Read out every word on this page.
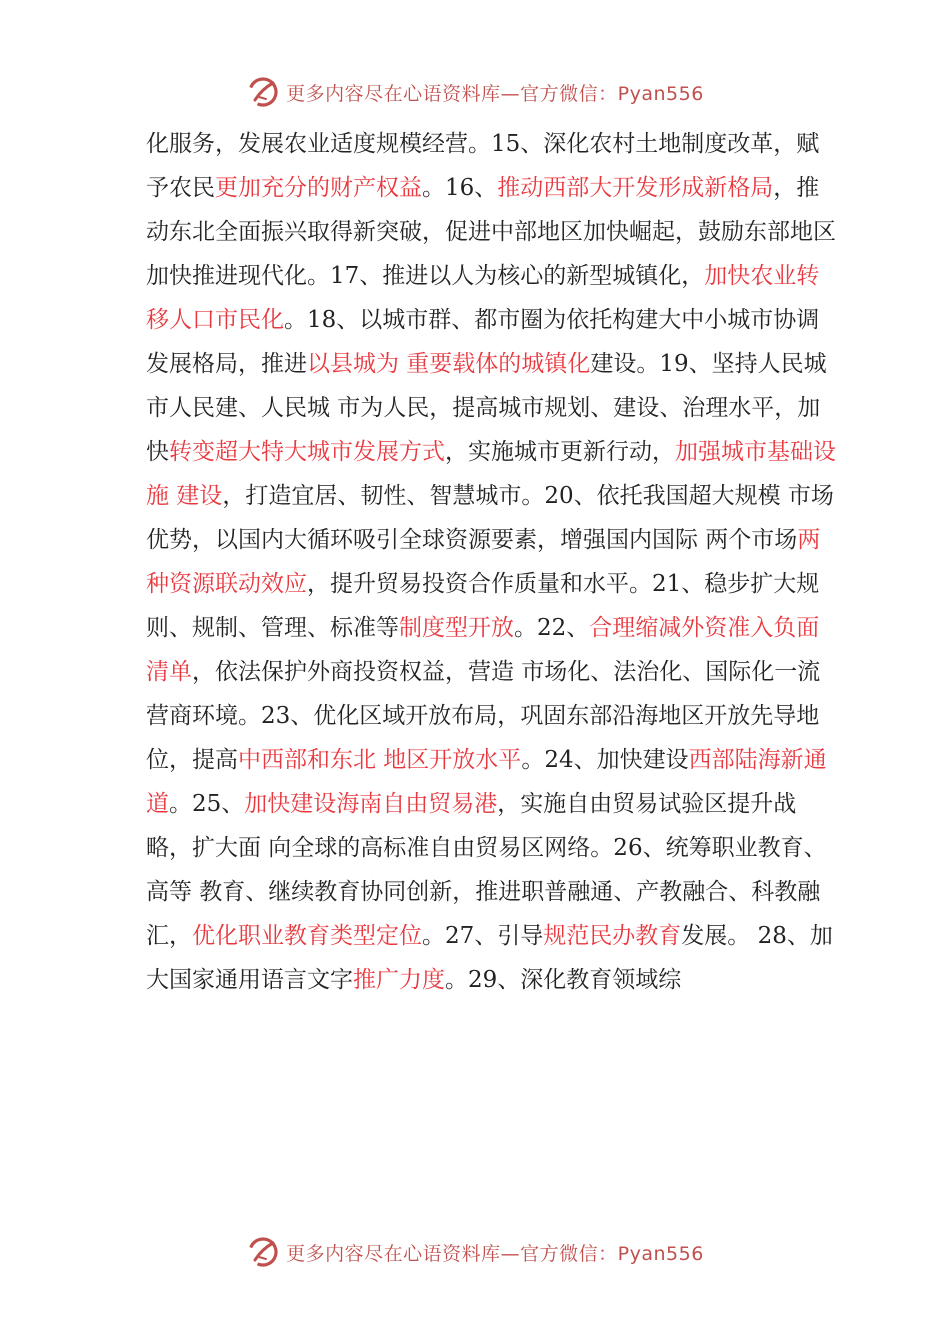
更多内容尽在心语资料库—官方微信：Pyan556
化服务，发展农业适度规模经营。15、深化农村土地制度改革，赋予农民更加充分的财产权益。16、推动西部大开发形成新格局，推动东北全面振兴取得新突破，促进中部地区加快崛起，鼓励东部地区加快推进现代化。17、推进以人为核心的新型城镇化，加快农业转移人口市民化。18、以城市群、都市圈为依托构建大中小城市协调发展格局，推进以县城为 重要载体的城镇化建设。19、坚持人民城市人民建、人民城 市为人民，提高城市规划、建设、治理水平，加快转变超大特大城市发展方式，实施城市更新行动，加强城市基础设施 建设，打造宜居、韧性、智慧城市。20、依托我国超大规模 市场优势，以国内大循环吸引全球资源要素，增强国内国际 两个市场两种资源联动效应，提升贸易投资合作质量和水平。21、稳步扩大规则、规制、管理、标准等制度型开放。22、合理缩减外资准入负面清单，依法保护外商投资权益，营造 市场化、法治化、国际化一流营商环境。23、优化区域开放布局，巩固东部沿海地区开放先导地位，提高中西部和东北 地区开放水平。24、加快建设西部陆海新通道。25、加快建设海南自由贸易港，实施自由贸易试验区提升战略，扩大面 向全球的高标准自由贸易区网络。26、统筹职业教育、高等 教育、继续教育协同创新，推进职普融通、产教融合、科教融汇，优化职业教育类型定位。27、引导规范民办教育发展。 28、加大国家通用语言文字推广力度。29、深化教育领域综
更多内容尽在心语资料库—官方微信：Pyan556
